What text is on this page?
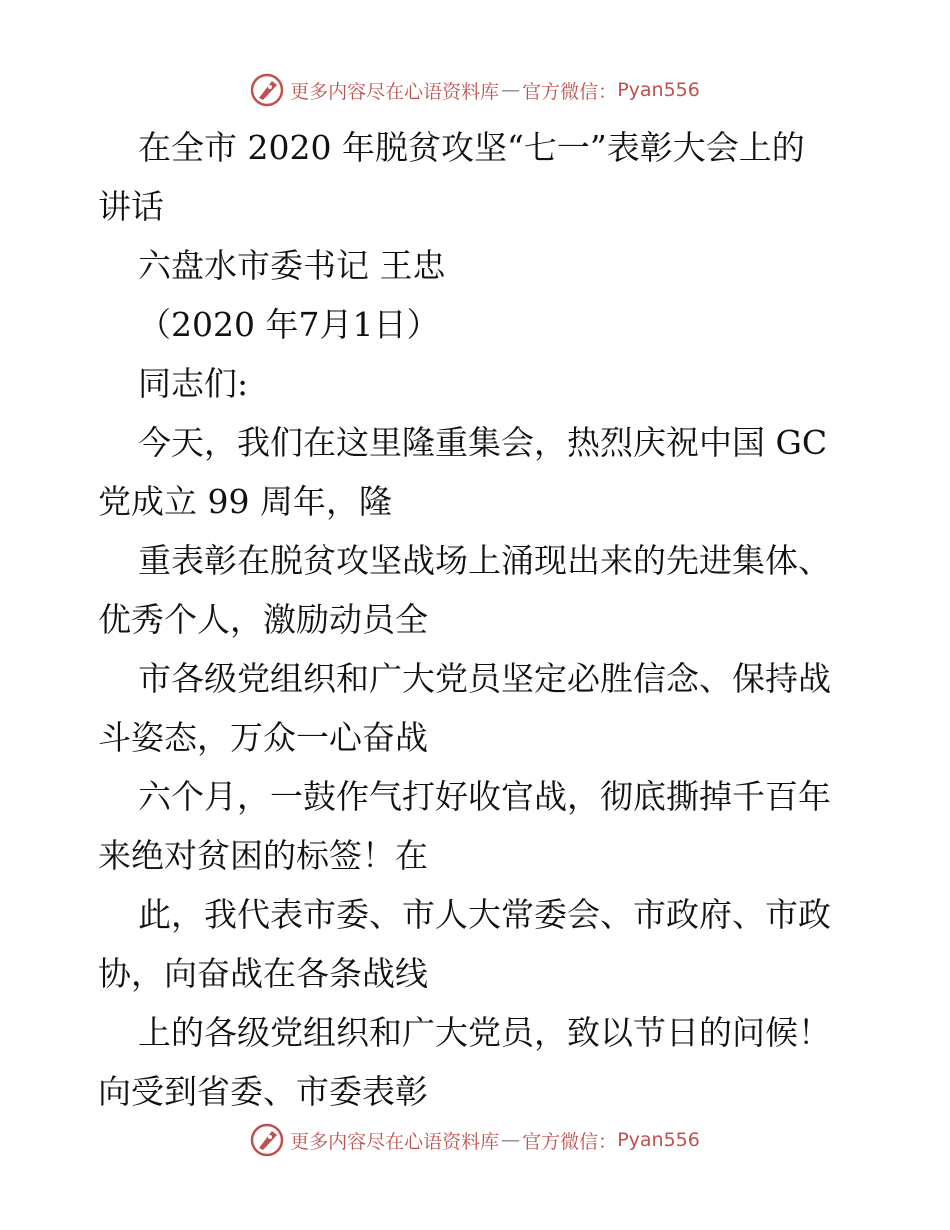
更多内容尽在心语资料库 — 官方微信： Pyan556
在全市 2020 年脱贫攻坚“七一”表彰大会上的
讲话
六盘水市委书记 王忠
（2020 年7月1日）
同志们:
今天，我们在这里隆重集会，热烈庆祝中国 GC
党成立 99 周年，隆
重表彰在脱贫攻坚战场上涌现出来的先进集体、
优秀个人，激励动员全
市各级党组织和广大党员坚定必胜信念、保持战
斗姿态，万众一心奋战
六个月，一鼓作气打好收官战，彻底撕掉千百年
来绝对贫困的标签！在
此，我代表市委、市人大常委会、市政府、市政
协，向奋战在各条战线
上的各级党组织和广大党员，致以节日的问候！
向受到省委、市委表彰
更多内容尽在心语资料库 — 官方微信： Pyan556
